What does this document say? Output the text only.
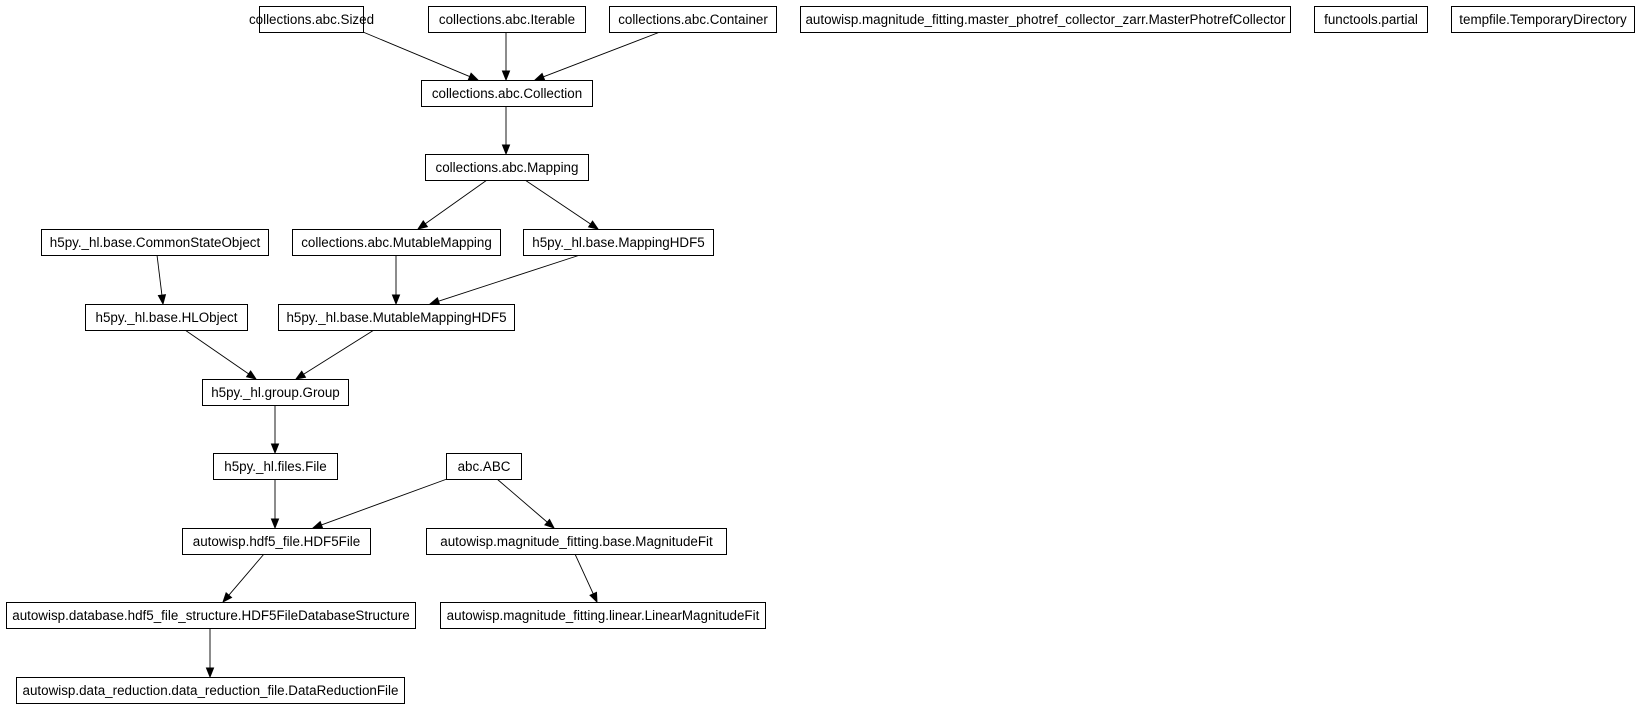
collections.abc.Sized	collections.abc.Iterable	collections.abc.Container	autowisp.magnitude_fitting.master_photref_collector_zarr.MasterPhotrefCollector	functools.partial	tempfile.TemporaryDirectory
collections.abc.Collection
collections.abc.Mapping
h5py._hl.base.CommonStateObject	collections.abc.MutableMapping	h5py._hl.base.MappingHDF5
h5py._hl.base.HLObject	h5py._hl.base.MutableMappingHDF5
h5py._hl.group.Group
h5py._hl.files.File	abc.ABC
autowisp.hdf5_file.HDF5File	autowisp.magnitude_fitting.base.MagnitudeFit
autowisp.database.hdf5_file_structure.HDF5FileDatabaseStructure	autowisp.magnitude_fitting.linear.LinearMagnitudeFit
autowisp.data_reduction.data_reduction_file.DataReductionFile
